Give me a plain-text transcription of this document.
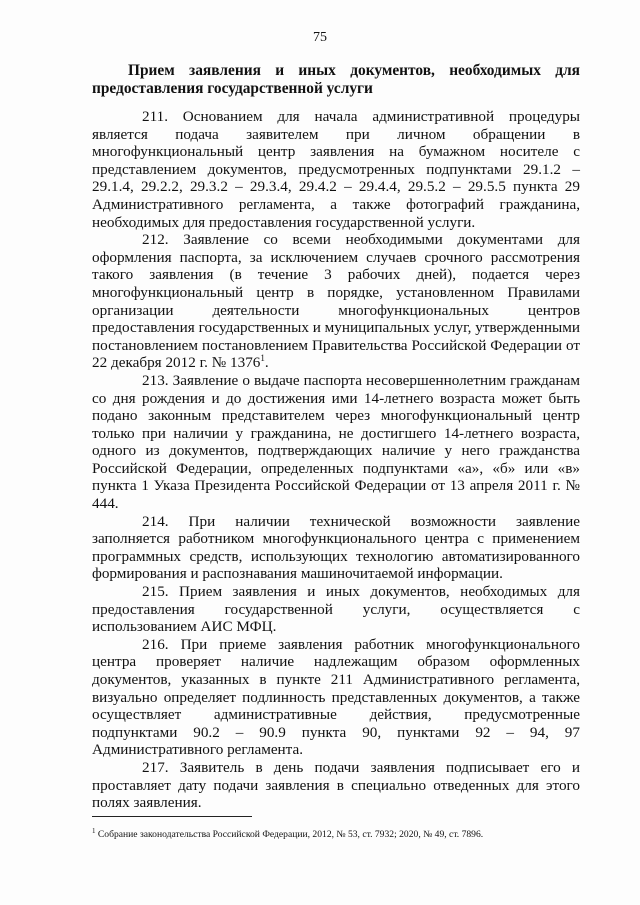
75
Прием заявления и иных документов, необходимых для
предоставления государственной услуги

211. Основанием для начала административной процедуры является подача заявителем при личном обращении в многофункциональный центр заявления на бумажном носителе с представлением документов, предусмотренных подпунктами 29.1.2 – 29.1.4, 29.2.2, 29.3.2 – 29.3.4, 29.4.2 – 29.4.4, 29.5.2 – 29.5.5 пункта 29 Административного регламента, а также фотографий гражданина, необходимых для предоставления государственной услуги.

212. Заявление со всеми необходимыми документами для оформления паспорта, за исключением случаев срочного рассмотрения такого заявления (в течение 3 рабочих дней), подается через многофункциональный центр в порядке, установленном Правилами организации деятельности многофункциональных центров предоставления государственных и муниципальных услуг, утвержденными постановлением постановлением Правительства Российской Федерации от 22 декабря 2012 г. № 1376$^1$.

213. Заявление о выдаче паспорта несовершеннолетним гражданам со дня рождения и до достижения ими 14-летнего возраста может быть подано законным представителем через многофункциональный центр только при наличии у гражданина, не достигшего 14-летнего возраста, одного из документов, подтверждающих наличие у него гражданства Российской Федерации, определенных подпунктами «а», «б» или «в» пункта 1 Указа Президента Российской Федерации от 13 апреля 2011 г. № 444.

214. При наличии технической возможности заявление заполняется работником многофункционального центра с применением программных средств, использующих технологию автоматизированного формирования и распознавания машиночитаемой информации.

215. Прием заявления и иных документов, необходимых для предоставления государственной услуги, осуществляется с использованием АИС МФЦ.

216. При приеме заявления работник многофункционального центра проверяет наличие надлежащим образом оформленных документов, указанных в пункте 211 Административного регламента, визуально определяет подлинность представленных документов, а также осуществляет административные действия, предусмотренные подпунктами 90.2 – 90.9 пункта 90, пунктами 92 – 94, 97 Административного регламента.

217. Заявитель в день подачи заявления подписывает его и проставляет дату подачи заявления в специально отведенных для этого полях заявления.

$^1$ Собрание законодательства Российской Федерации, 2012, № 53, ст. 7932; 2020, № 49, ст. 7896.
